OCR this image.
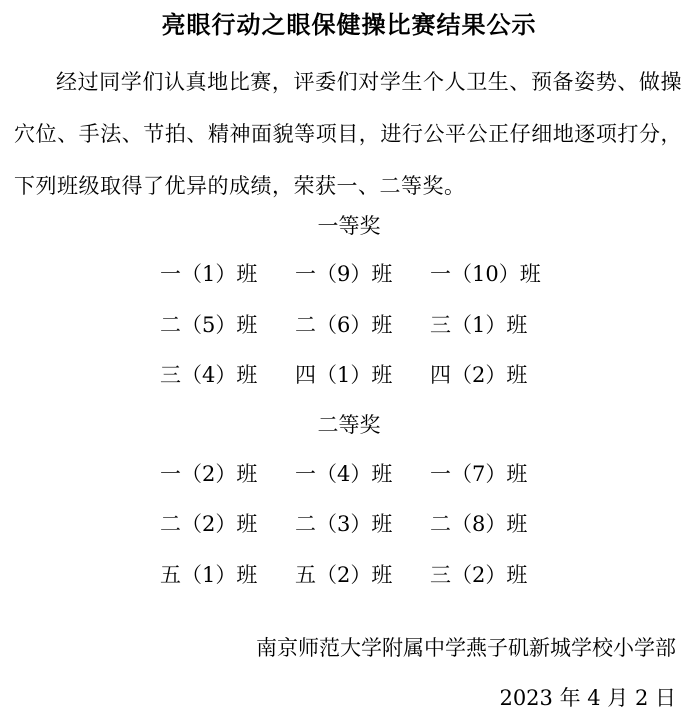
亮眼行动之眼保健操比赛结果公示
经过同学们认真地比赛，评委们对学生个人卫生、预备姿势、做操穴位、手法、节拍、精神面貌等项目，进行公平公正仔细地逐项打分，下列班级取得了优异的成绩，荣获一、二等奖。
一等奖
一（1）班 一（9）班 一（10）班
二（5）班 二（6）班 三（1）班
三（4）班 四（1）班 四（2）班
二等奖
一（2）班 一（4）班 一（7）班
二（2）班 二（3）班 二（8）班
五（1）班 五（2）班 三（2）班
南京师范大学附属中学燕子矶新城学校小学部
2023 年 4 月 2 日
